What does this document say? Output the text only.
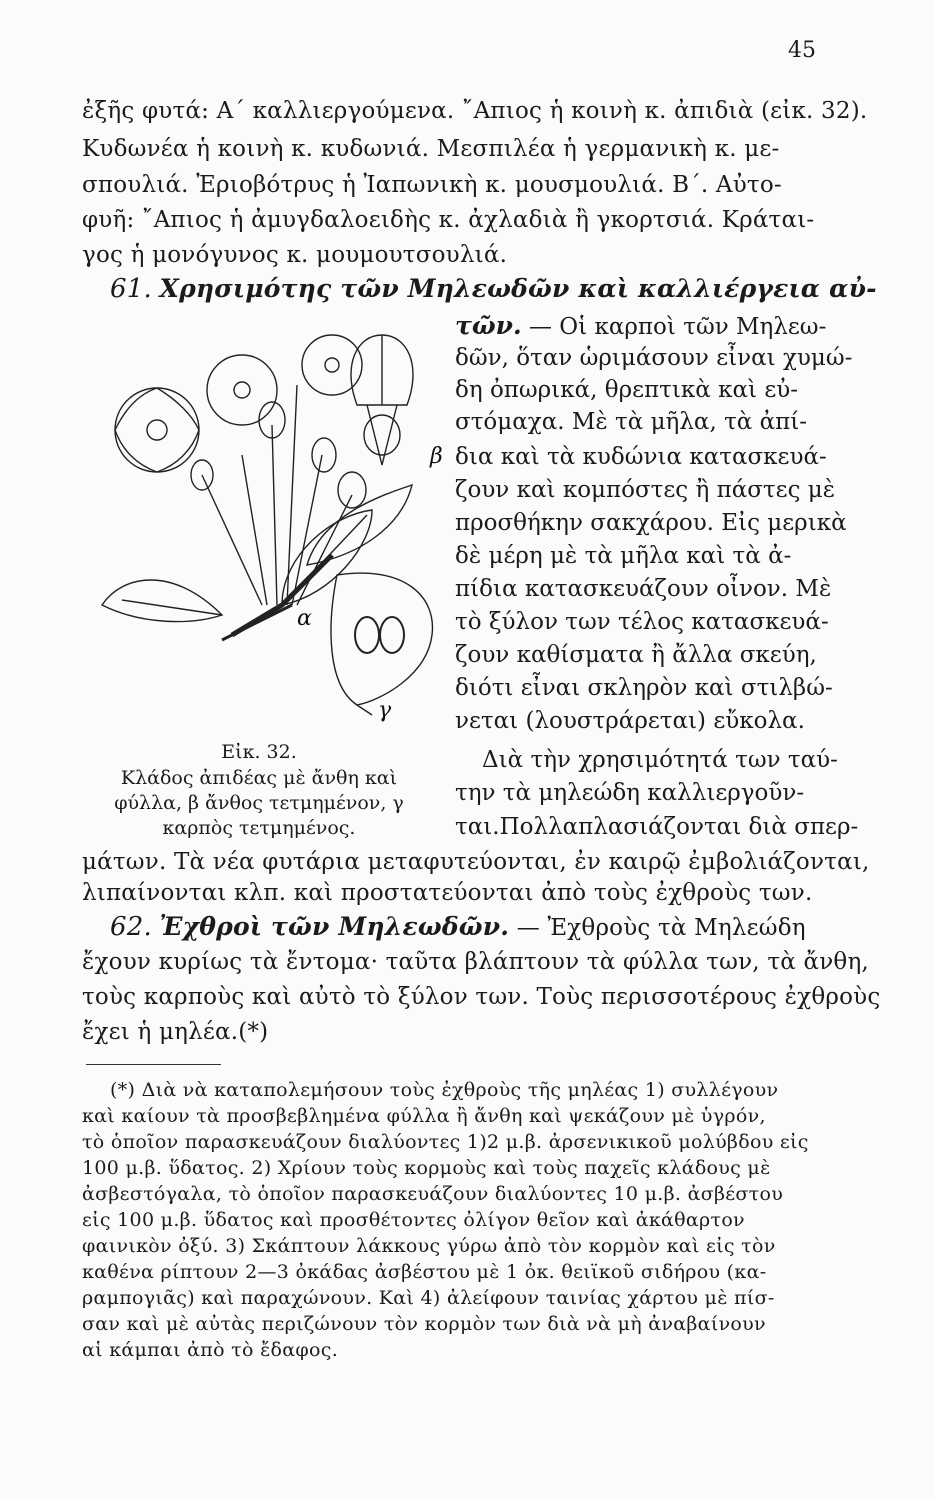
45
ἐξῆς φυτά: Α΄ καλλιεργούμενα. ῎Απιος ἡ κοινὴ κ. ἀπιδιὰ (εἰκ. 32).
Κυδωνέα ἡ κοινὴ κ. κυδωνιά. Μεσπιλέα ἡ γερμανικὴ κ. με-
σπουλιά. Ἐριοβότρυς ἡ Ἰαπωνικὴ κ. μουσμουλιά. Β΄. Αὐτο-
φυῆ: ῎Απιος ἡ ἀμυγδαλοειδὴς κ. ἀχλαδιὰ ἢ γκορτσιά. Κράται-
γος ἡ μονόγυνος κ. μουμουτσουλιά.
61. Χρησιμότης τῶν Μηλεωδῶν καὶ καλλιέργεια αὐ-
τῶν. — Οἱ καρποὶ τῶν Μηλεω-
δῶν, ὅταν ὡριμάσουν εἶναι χυμώ-
δη ὀπωρικά, θρεπτικὰ καὶ εὐ-
στόμαχα. Μὲ τὰ μῆλα, τὰ ἀπί-
δια καὶ τὰ κυδώνια κατασκευά-
ζουν καὶ κομπόστες ἢ πάστες μὲ
προσθήκην σακχάρου. Εἰς μερικὰ
δὲ μέρη μὲ τὰ μῆλα καὶ τὰ ἀ-
πίδια κατασκευάζουν οἶνον. Μὲ
τὸ ξύλον των τέλος κατασκευά-
ζουν καθίσματα ἢ ἄλλα σκεύη,
διότι εἶναι σκληρὸν καὶ στιλβώ-
νεται (λουστράρεται) εὔκολα.
Διὰ τὴν χρησιμότητά των ταύ-
την τὰ μηλεώδη καλλιεργοῦν-
ται.Πολλαπλασιάζονται διὰ σπερ-
α
β
γ
Εἰκ. 32.
Κλάδος ἀπιδέας μὲ ἄνθη καὶ
φύλλα, β ἄνθος τετμημένον, γ
καρπὸς τετμημένος.
μάτων. Τὰ νέα φυτάρια μεταφυτεύονται, ἐν καιρῷ ἐμβολιάζονται,
λιπαίνονται κλπ. καὶ προστατεύονται ἀπὸ τοὺς ἐχθροὺς των.
62. Ἐχθροὶ τῶν Μηλεωδῶν. — Ἐχθροὺς τὰ Μηλεώδη
ἔχουν κυρίως τὰ ἔντομα· ταῦτα βλάπτουν τὰ φύλλα των, τὰ ἄνθη,
τοὺς καρποὺς καὶ αὐτὸ τὸ ξύλον των. Τοὺς περισσοτέρους ἐχθροὺς
ἔχει ἡ μηλέα.(*)
(*) Διὰ νὰ καταπολεμήσουν τοὺς ἐχθροὺς τῆς μηλέας 1) συλλέγουν
καὶ καίουν τὰ προσβεβλημένα φύλλα ἢ ἄνθη καὶ ψεκάζουν μὲ ὑγρόν,
τὸ ὁποῖον παρασκευάζουν διαλύοντες 1)2 μ.β. ἀρσενικικοῦ μολύβδου εἰς
100 μ.β. ὕδατος. 2) Χρίουν τοὺς κορμοὺς καὶ τοὺς παχεῖς κλάδους μὲ
ἀσβεστόγαλα, τὸ ὁποῖον παρασκευάζουν διαλύοντες 10 μ.β. ἀσβέστου
εἰς 100 μ.β. ὕδατος καὶ προσθέτοντες ὀλίγον θεῖον καὶ ἀκάθαρτον
φαινικὸν ὀξύ. 3) Σκάπτουν λάκκους γύρω ἀπὸ τὸν κορμὸν καὶ εἰς τὸν
καθένα ρίπτουν 2—3 ὀκάδας ἀσβέστου μὲ 1 ὀκ. θειϊκοῦ σιδήρου (κα-
ραμπογιᾶς) καὶ παραχώνουν. Καὶ 4) ἀλείφουν ταινίας χάρτου μὲ πίσ-
σαν καὶ μὲ αὐτὰς περιζώνουν τὸν κορμὸν των διὰ νὰ μὴ ἀναβαίνουν
αἱ κάμπαι ἀπὸ τὸ ἔδαφος.
